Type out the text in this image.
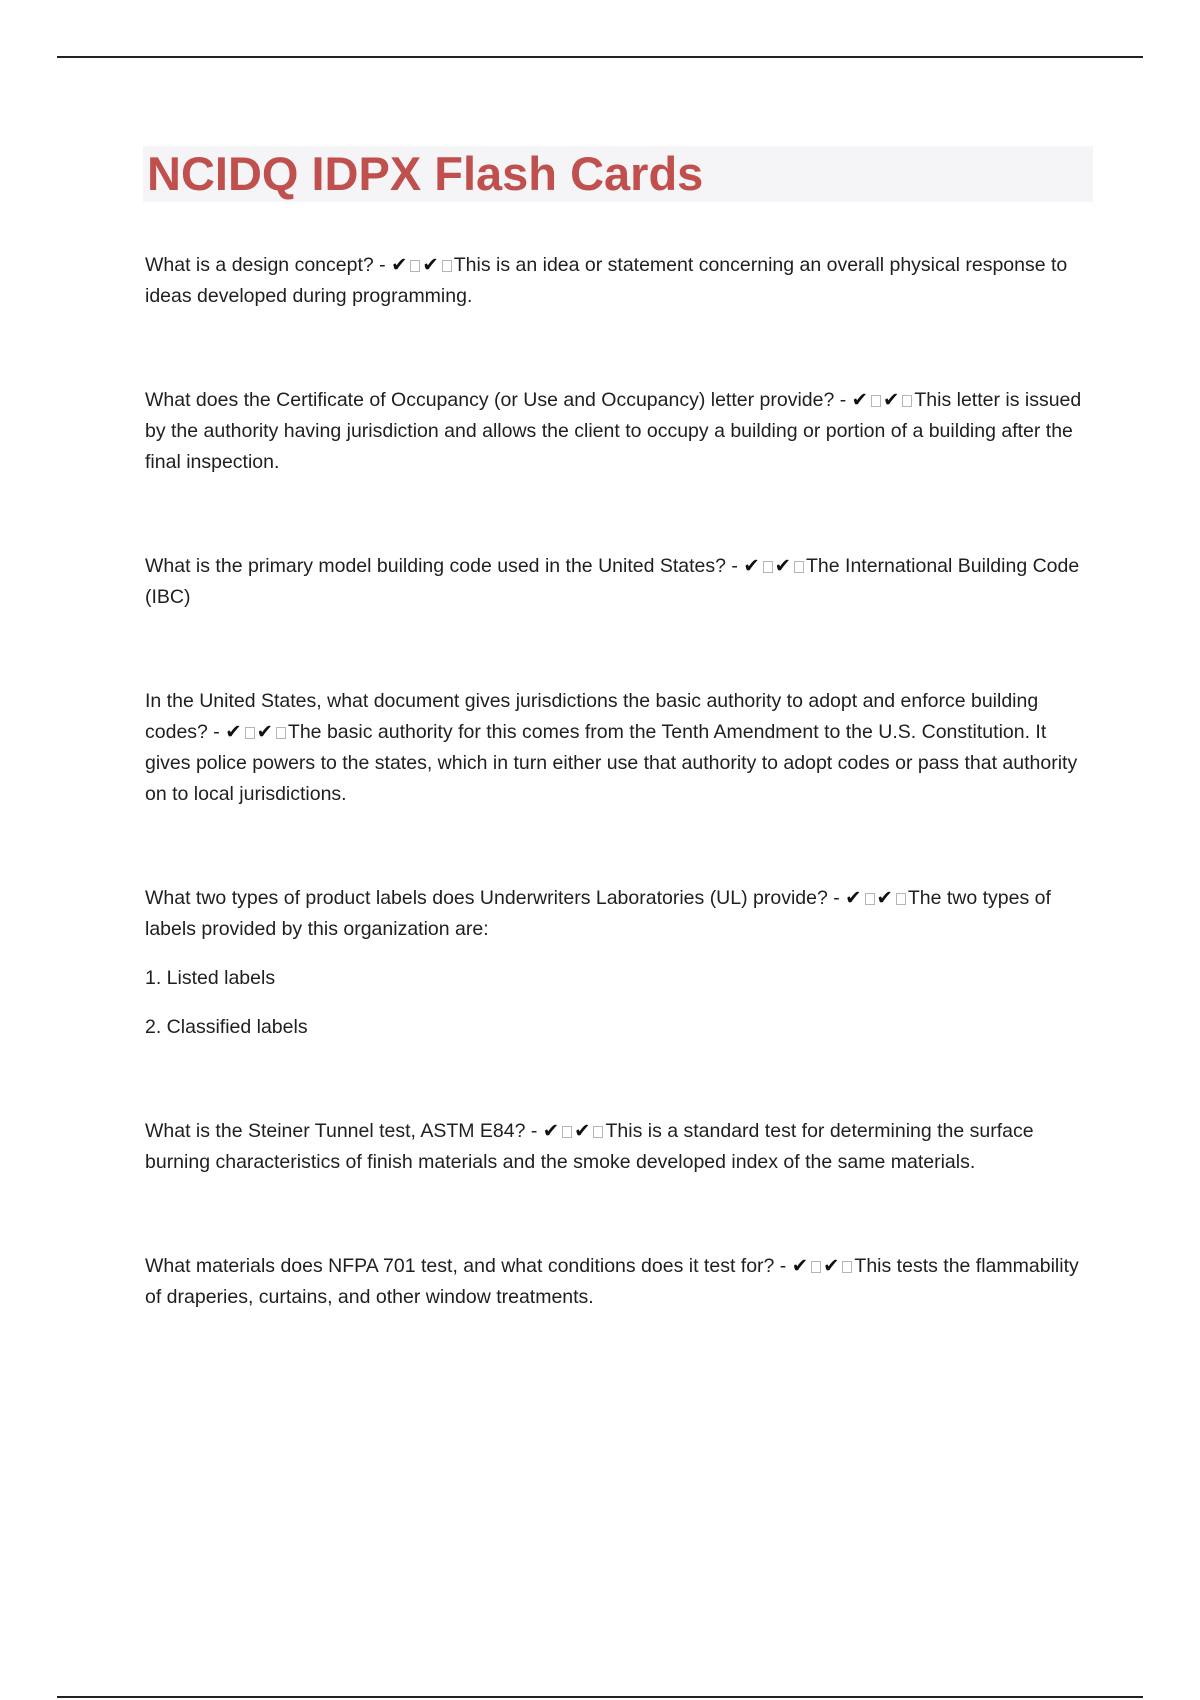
NCIDQ IDPX Flash Cards

What is a design concept? - ✔ ✔ This is an idea or statement concerning an overall physical response to ideas developed during programming.

What does the Certificate of Occupancy (or Use and Occupancy) letter provide? - ✔ ✔ This letter is issued by the authority having jurisdiction and allows the client to occupy a building or portion of a building after the final inspection.

What is the primary model building code used in the United States? - ✔ ✔ The International Building Code (IBC)

In the United States, what document gives jurisdictions the basic authority to adopt and enforce building codes? - ✔ ✔ The basic authority for this comes from the Tenth Amendment to the U.S. Constitution. It gives police powers to the states, which in turn either use that authority to adopt codes or pass that authority on to local jurisdictions.

What two types of product labels does Underwriters Laboratories (UL) provide? - ✔ ✔ The two types of labels provided by this organization are:

1. Listed labels

2. Classified labels

What is the Steiner Tunnel test, ASTM E84? - ✔ ✔ This is a standard test for determining the surface burning characteristics of finish materials and the smoke developed index of the same materials.

What materials does NFPA 701 test, and what conditions does it test for? - ✔ ✔ This tests the flammability of draperies, curtains, and other window treatments.
